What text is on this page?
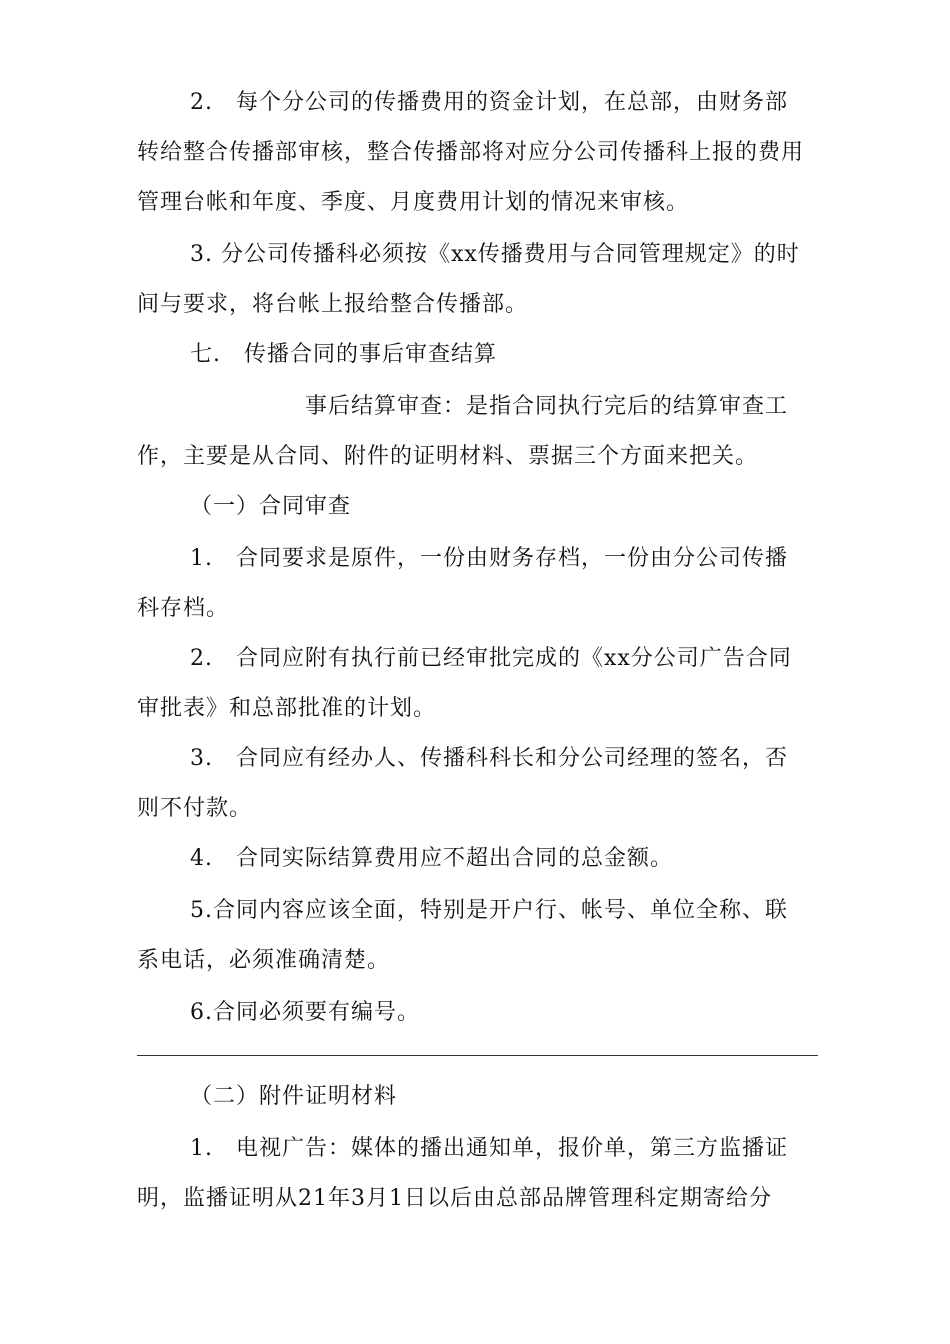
2.　每个分公司的传播费用的资金计划，在总部，由财务部
转给整合传播部审核，整合传播部将对应分公司传播科上报的费用
管理台帐和年度、季度、月度费用计划的情况来审核。
3. 分公司传播科必须按《xx传播费用与合同管理规定》的时
间与要求，将台帐上报给整合传播部。
七.　传播合同的事后审查结算
事后结算审查：是指合同执行完后的结算审查工
作，主要是从合同、附件的证明材料、票据三个方面来把关。
（一）合同审查
1.　合同要求是原件，一份由财务存档，一份由分公司传播
科存档。
2.　合同应附有执行前已经审批完成的《xx分公司广告合同
审批表》和总部批准的计划。
3.　合同应有经办人、传播科科长和分公司经理的签名，否
则不付款。
4.　合同实际结算费用应不超出合同的总金额。
5.合同内容应该全面，特别是开户行、帐号、单位全称、联
系电话，必须准确清楚。
6.合同必须要有编号。
（二）附件证明材料
1.　电视广告：媒体的播出通知单，报价单，第三方监播证
明，监播证明从21年3月1日以后由总部品牌管理科定期寄给分
